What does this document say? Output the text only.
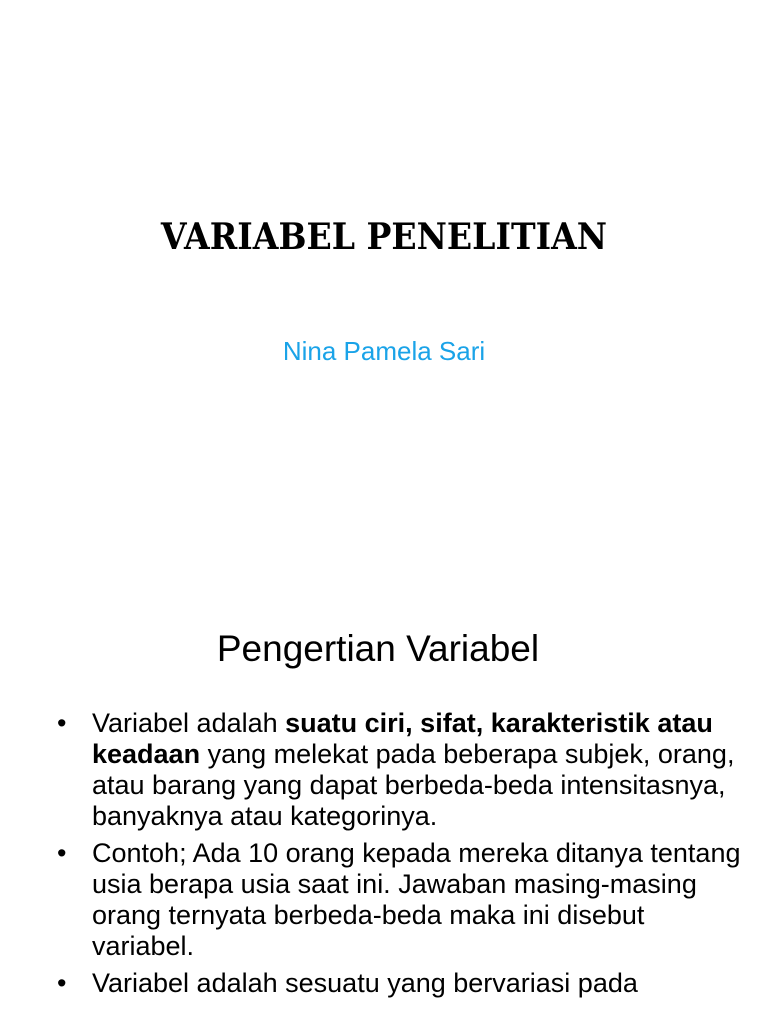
VARIABEL PENELITIAN
Nina Pamela Sari
Pengertian Variabel
• Variabel adalah suatu ciri, sifat, karakteristik atau keadaan yang melekat pada beberapa subjek, orang, atau barang yang dapat berbeda-beda intensitasnya, banyaknya atau kategorinya.
• Contoh; Ada 10 orang kepada mereka ditanya tentang usia berapa usia saat ini. Jawaban masing-masing orang ternyata berbeda-beda maka ini disebut variabel.
• Variabel adalah sesuatu yang bervariasi pada
